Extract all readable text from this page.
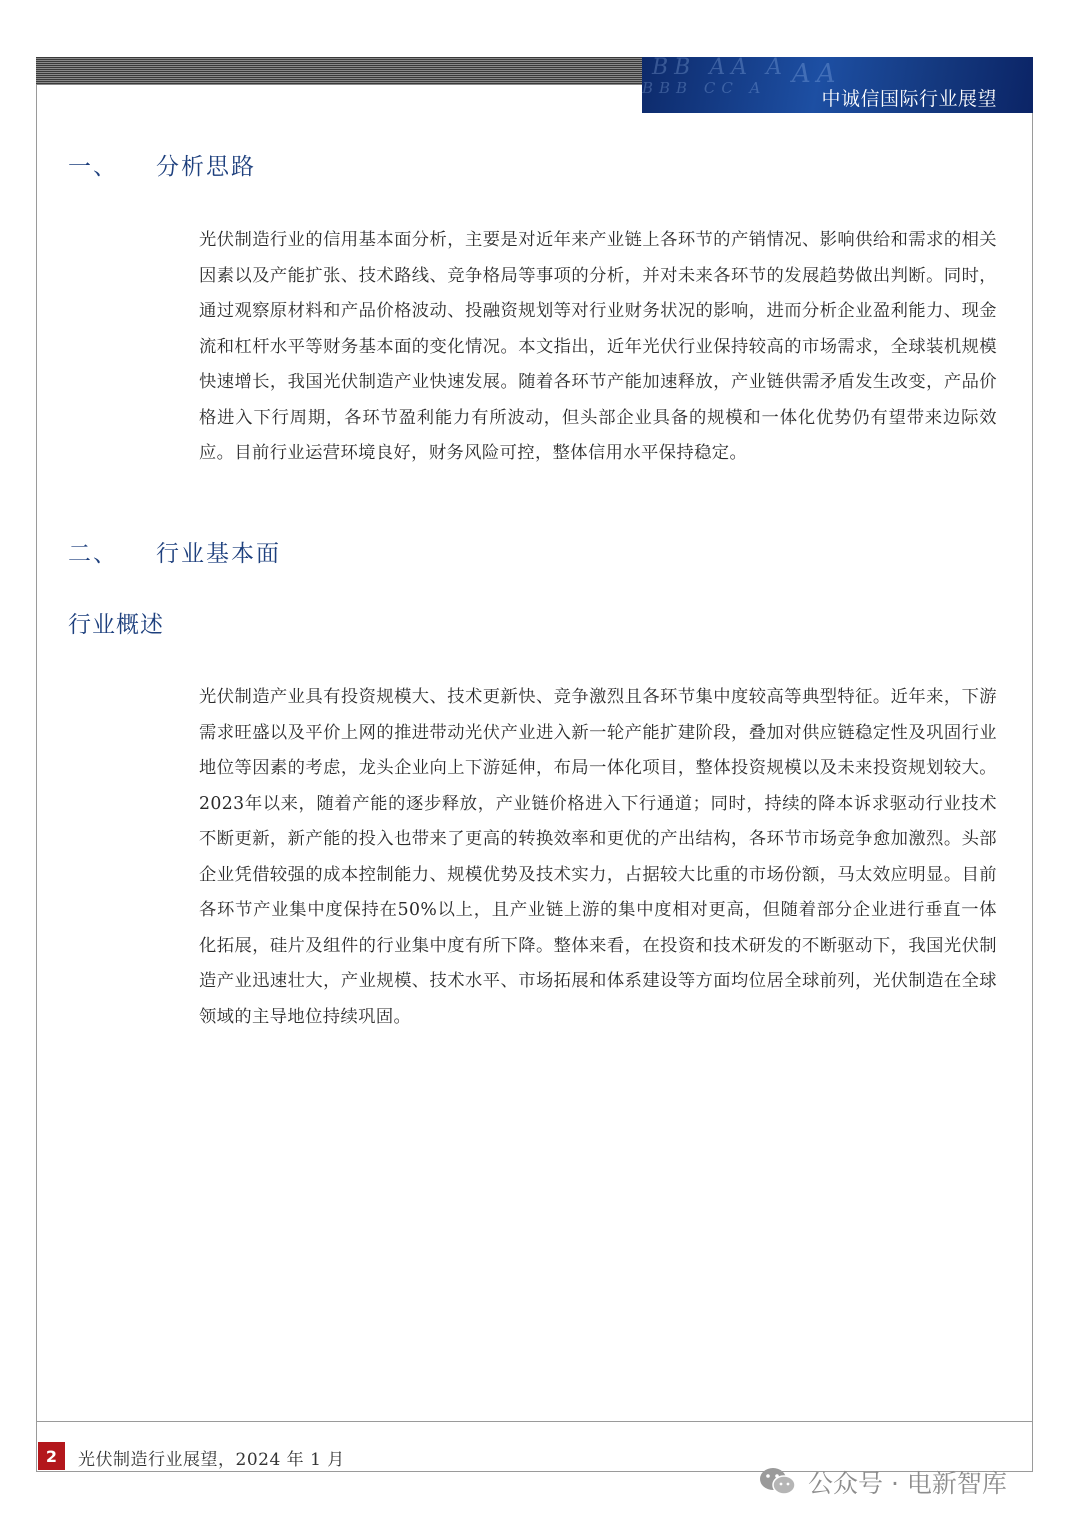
BB AA A
BBB CC A AA
中诚信国际行业展望
一、 分析思路

光伏制造行业的信用基本面分析，主要是对近年来产业链上各环节的产销情况、影响供给和需求的相关因素以及产能扩张、技术路线、竞争格局等事项的分析，并对未来各环节的发展趋势做出判断。同时，通过观察原材料和产品价格波动、投融资规划等对行业财务状况的影响，进而分析企业盈利能力、现金流和杠杆水平等财务基本面的变化情况。本文指出，近年光伏行业保持较高的市场需求，全球装机规模快速增长，我国光伏制造产业快速发展。随着各环节产能加速释放，产业链供需矛盾发生改变，产品价格进入下行周期，各环节盈利能力有所波动，但头部企业具备的规模和一体化优势仍有望带来边际效应。目前行业运营环境良好，财务风险可控，整体信用水平保持稳定。

二、 行业基本面
行业概述

光伏制造产业具有投资规模大、技术更新快、竞争激烈且各环节集中度较高等典型特征。近年来，下游需求旺盛以及平价上网的推进带动光伏产业进入新一轮产能扩建阶段，叠加对供应链稳定性及巩固行业地位等因素的考虑，龙头企业向上下游延伸，布局一体化项目，整体投资规模以及未来投资规划较大。2023年以来，随着产能的逐步释放，产业链价格进入下行通道；同时，持续的降本诉求驱动行业技术不断更新，新产能的投入也带来了更高的转换效率和更优的产出结构，各环节市场竞争愈加激烈。头部企业凭借较强的成本控制能力、规模优势及技术实力，占据较大比重的市场份额，马太效应明显。目前各环节产业集中度保持在50%以上，且产业链上游的集中度相对更高，但随着部分企业进行垂直一体化拓展，硅片及组件的行业集中度有所下降。整体来看，在投资和技术研发的不断驱动下，我国光伏制造产业迅速壮大，产业规模、技术水平、市场拓展和体系建设等方面均位居全球前列，光伏制造在全球领域的主导地位持续巩固。

2	光伏制造行业展望，2024 年 1 月
公众号 · 电新智库
